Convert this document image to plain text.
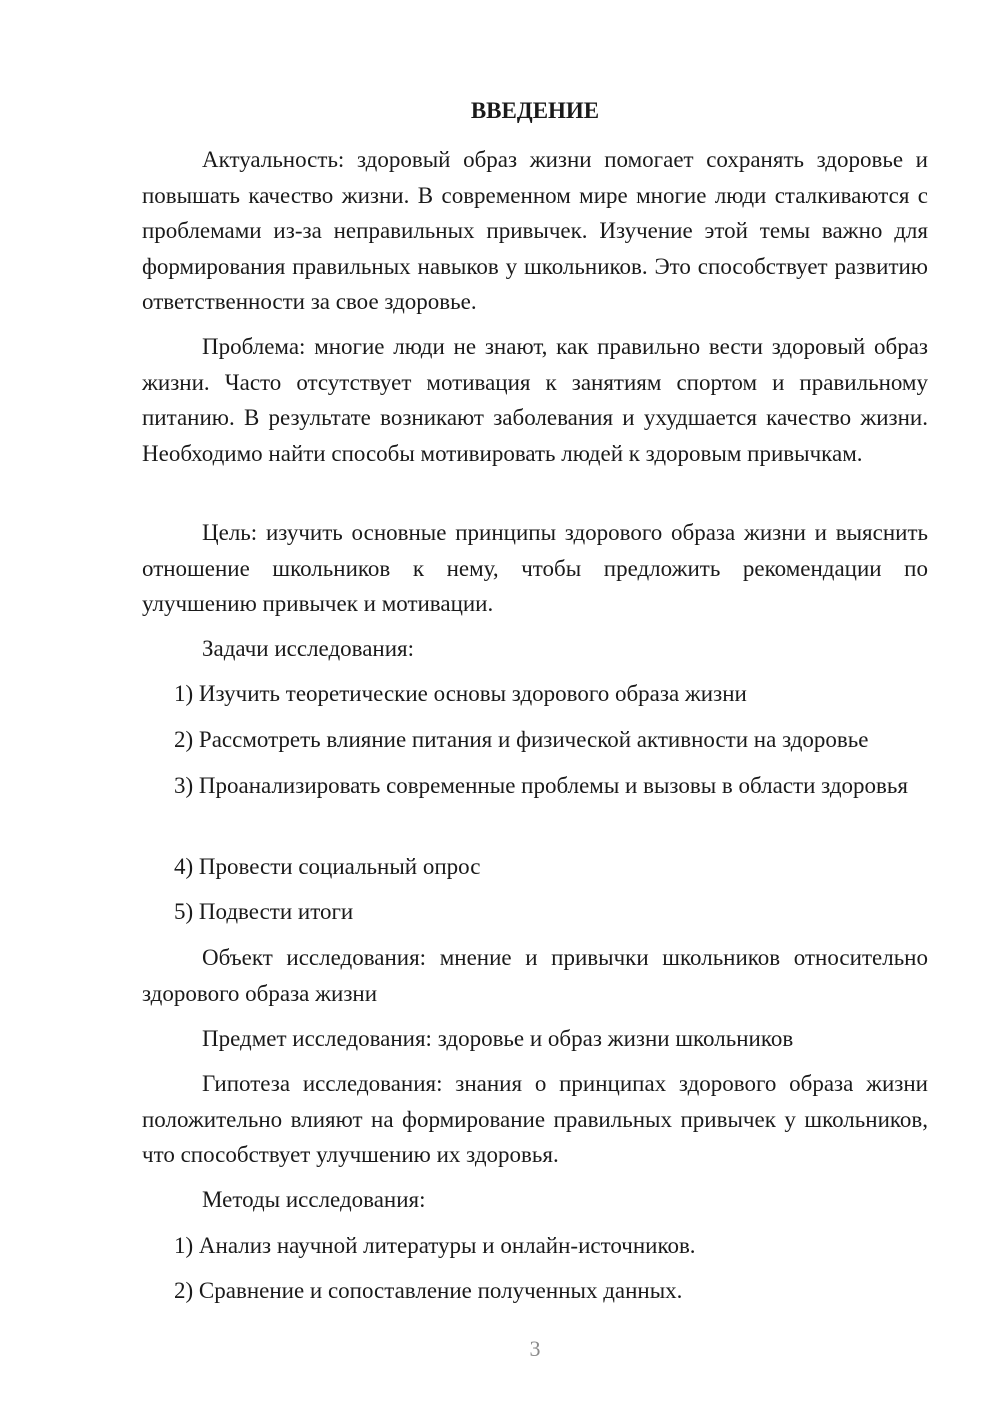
ВВЕДЕНИЕ

Актуальность: здоровый образ жизни помогает сохранять здоровье и повышать качество жизни. В современном мире многие люди сталкиваются с проблемами из-за неправильных привычек. Изучение этой темы важно для формирования правильных навыков у школьников. Это способствует развитию ответственности за свое здоровье.

Проблема: многие люди не знают, как правильно вести здоровый образ жизни. Часто отсутствует мотивация к занятиям спортом и правильному питанию. В результате возникают заболевания и ухудшается качество жизни. Необходимо найти способы мотивировать людей к здоровым привычкам.

Цель: изучить основные принципы здорового образа жизни и выяснить отношение школьников к нему, чтобы предложить рекомендации по улучшению привычек и мотивации.

Задачи исследования:

1) Изучить теоретические основы здорового образа жизни

2) Рассмотреть влияние питания и физической активности на здоровье

3) Проанализировать современные проблемы и вызовы в области здоровья

4) Провести социальный опрос

5) Подвести итоги

Объект исследования: мнение и привычки школьников относительно здорового образа жизни

Предмет исследования: здоровье и образ жизни школьников

Гипотеза исследования: знания о принципах здорового образа жизни положительно влияют на формирование правильных привычек у школьников, что способствует улучшению их здоровья.

Методы исследования:

1) Анализ научной литературы и онлайн-источников.

2) Сравнение и сопоставление полученных данных.

3
